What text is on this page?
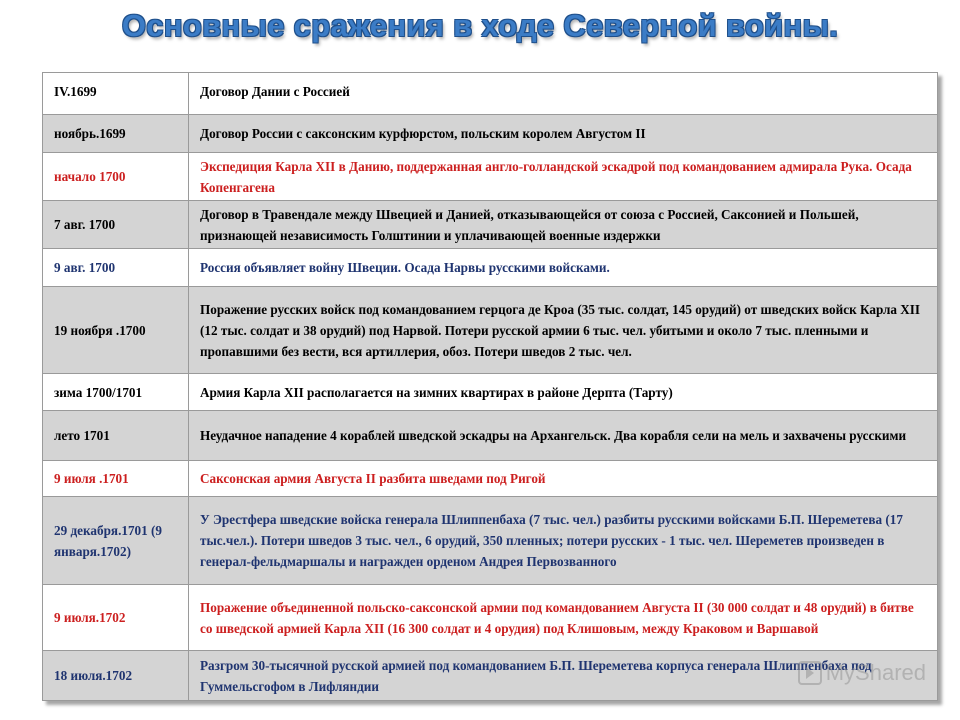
Основные сражения в ходе Северной войны.
IV.1699	Договор Дании с Россией
ноябрь.1699	Договор России с саксонским курфюрстом, польским королем Августом II
начало 1700	Экспедиция Карла XII в Данию, поддержанная англо-голландской эскадрой под командованием адмирала Рука. Осада Копенгагена
7 авг. 1700	Договор в Травендале между Швецией и Данией, отказывающейся от союза с Россией, Саксонией и Польшей, признающей независимость Голштинии и уплачивающей военные издержки
9 авг. 1700	Россия объявляет войну Швеции. Осада Нарвы русскими войсками.
19 ноября .1700	Поражение русских войск под командованием герцога де Кроа (35 тыс. солдат, 145 орудий) от шведских войск Карла XII (12 тыс. солдат и 38 орудий) под Нарвой. Потери русской армии 6 тыс. чел. убитыми и около 7 тыс. пленными и пропавшими без вести, вся артиллерия, обоз. Потери шведов 2 тыс. чел.
зима 1700/1701	Армия Карла XII располагается на зимних квартирах в районе Дерпта (Тарту)
лето 1701	Неудачное нападение 4 кораблей шведской эскадры на Архангельск. Два корабля сели на мель и захвачены русскими
9 июля .1701	Саксонская армия Августа II разбита шведами под Ригой
29 декабря.1701 (9 января.1702)	У Эрестфера шведские войска генерала Шлиппенбаха (7 тыс. чел.) разбиты русскими войсками Б.П. Шереметева (17 тыс.чел.). Потери шведов 3 тыс. чел., 6 орудий, 350 пленных; потери русских - 1 тыс. чел. Шереметев произведен в генерал-фельдмаршалы и награжден орденом Андрея Первозванного
9 июля.1702	Поражение объединенной польско-саксонской армии под командованием Августа II (30 000 солдат и 48 орудий) в битве со шведской армией Карла XII (16 300 солдат и 4 орудия) под Клишовым, между Краковом и Варшавой
18 июля.1702	Разгром 30-тысячной русской армией под командованием Б.П. Шереметева корпуса генерала Шлиппенбаха под Гуммельсгофом в Лифляндии
MyShared
